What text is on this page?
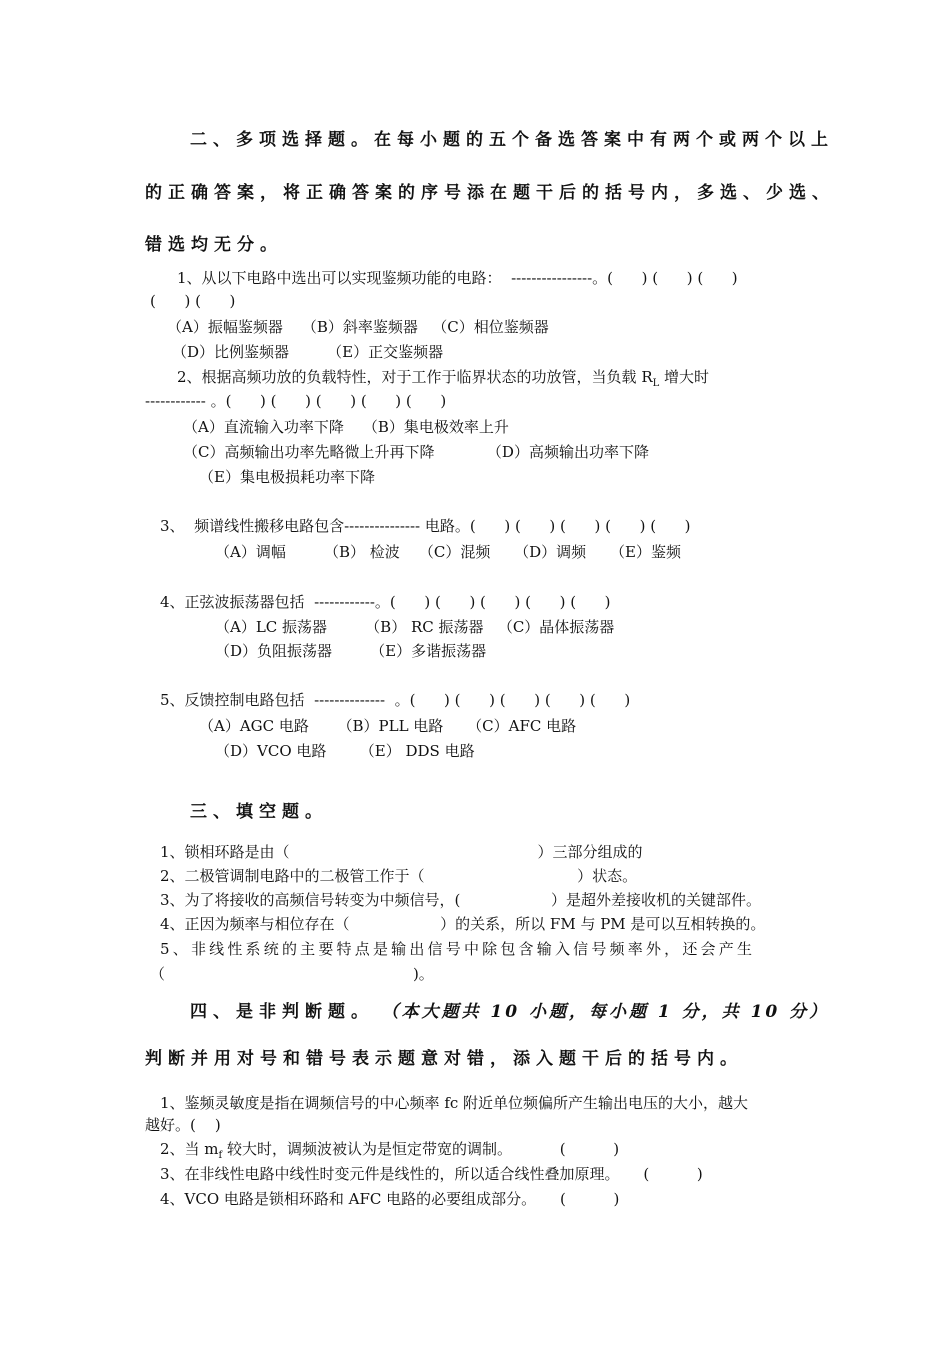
二、多项选择题。在每小题的五个备选答案中有两个或两个以上
的正确答案，将正确答案的序号添在题干后的括号内，多选、少选、
错选均无分。
1、从以下电路中选出可以实现鉴频功能的电路：  ----------------。(      ) (      ) (      )
(      ) (      )
（A）振幅鉴频器    （B）斜率鉴频器   （C）相位鉴频器
（D）比例鉴频器        （E）正交鉴频器
2、根据高频功放的负载特性，对于工作于临界状态的功放管，当负载 $R_L$ 增大时
------------ 。(      ) (      ) (      ) (      ) (      )
（A）直流输入功率下降    （B）集电极效率上升
（C）高频输出功率先略微上升再下降           （D）高频输出功率下降
（E）集电极损耗功率下降
3、  频谱线性搬移电路包含--------------- 电路。(      ) (      ) (      ) (      ) (      )
（A）调幅        （B） 检波    （C）混频     （D）调频     （E）鉴频
4、正弦波振荡器包括  ------------。(      ) (      ) (      ) (      ) (      )
（A）LC 振荡器        （B） RC 振荡器   （C）晶体振荡器
（D）负阻振荡器        （E）多谐振荡器
5、反馈控制电路包括  --------------  。(      ) (      ) (      ) (      ) (      )
（A）AGC 电路      （B）PLL 电路     （C）AFC 电路
（D）VCO 电路       （E） DDS 电路
三、填空题。
1、锁相环路是由（                                                    ）三部分组成的
2、二极管调制电路中的二极管工作于（                                ）状态。
3、为了将接收的高频信号转变为中频信号，(                   ）是超外差接收机的关键部件。
4、正因为频率与相位存在（                   ）的关系，所以 FM 与 PM 是可以互相转换的。
5、非线性系统的主要特点是输出信号中除包含输入信号频率外，还会产生
（                                                    )。
四、是非判断题。 （本大题共 10 小题，每小题 1 分，共 10 分）
判断并用对号和错号表示题意对错，添入题干后的括号内。
1、鉴频灵敏度是指在调频信号的中心频率 fc 附近单位频偏所产生输出电压的大小，越大
越好。(    )
2、当 $m_f$ 较大时，调频波被认为是恒定带宽的调制。          (          )
3、在非线性电路中线性时变元件是线性的，所以适合线性叠加原理。     (          )
4、VCO 电路是锁相环路和 AFC 电路的必要组成部分。     (          )
